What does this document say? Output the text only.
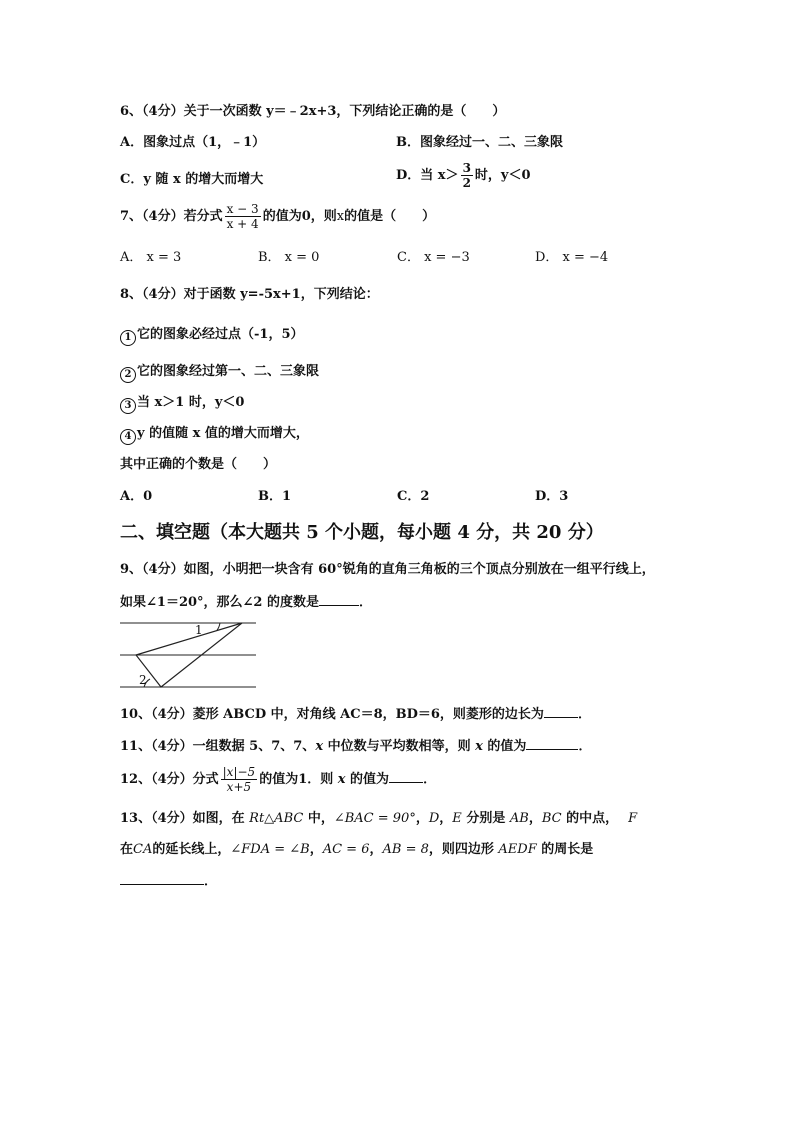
6、（4分）关于一次函数 y＝﹣2x+3，下列结论正确的是（　　）
A．图象过点（1，﹣1）	B．图象经过一、二、三象限
C．y 随 x 的增大而增大	D．当 $x> \frac{3}{2}$ 时，y＜0
7、（4分）若分式 $\frac{x - 3}{x + 4}$ 的值为0，则x的值是（　　）
A． x = 3	B． x = 0	C． x = −3	D． x = −4
8、（4分）对于函数 y=-5x+1，下列结论：
1 它的图象必经过点（-1，5）
2 它的图象经过第一、二、三象限
3 当 x＞1 时，y＜0
4 y 的值随 x 值的增大而增大，
其中正确的个数是（　　）
A．0	B．1	C．2	D．3
二、填空题（本大题共 5 个小题，每小题 4 分，共 20 分）
9、（4分）如图，小明把一块含有 60°锐角的直角三角板的三个顶点分别放在一组平行线上，
如果∠1＝20°，那么∠2 的度数是	．
1
2
10、（4分）菱形 ABCD 中，对角线 AC＝8，BD＝6，则菱形的边长为	．
11、（4分）一组数据 5、7、7、x 中位数与平均数相等，则 x 的值为	．
12、（4分）分式 $\frac{|x|-5}{x+5}$ 的值为1．则 x 的值为	．
13、（4分）如图，在 Rt△ABC 中，∠BAC = 90°，D，E 分别是 AB，BC 的中点， F
在CA的延长线上，∠FDA = ∠B，AC = 6，AB = 8，则四边形 AEDF 的周长是
．
